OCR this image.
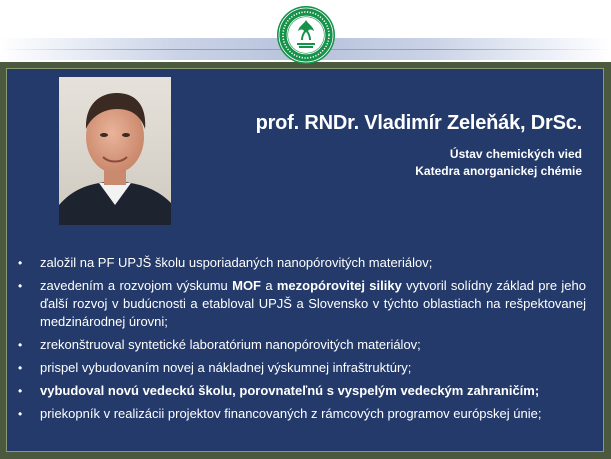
prof. RNDr. Vladimír Zeleňák, DrSc.
Ústav chemických vied
Katedra anorganickej chémie
• založil na PF UPJŠ školu usporiadaných nanopórovitých materiálov;
• zavedením a rozvojom výskumu MOF a mezopórovitej siliky vytvoril solídny základ pre jeho ďalší rozvoj v budúcnosti a etabloval UPJŠ a Slovensko v týchto oblastiach na rešpektovanej medzinárodnej úrovni;
• zrekonštruoval syntetické laboratórium nanopórovitých materiálov;
• prispel vybudovaním novej a nákladnej výskumnej infraštruktúry;
• vybudoval novú vedeckú školu, porovnateľnú s vyspelým vedeckým zahraničím;
• priekopník v realizácii projektov financovaných z rámcových programov európskej únie;
